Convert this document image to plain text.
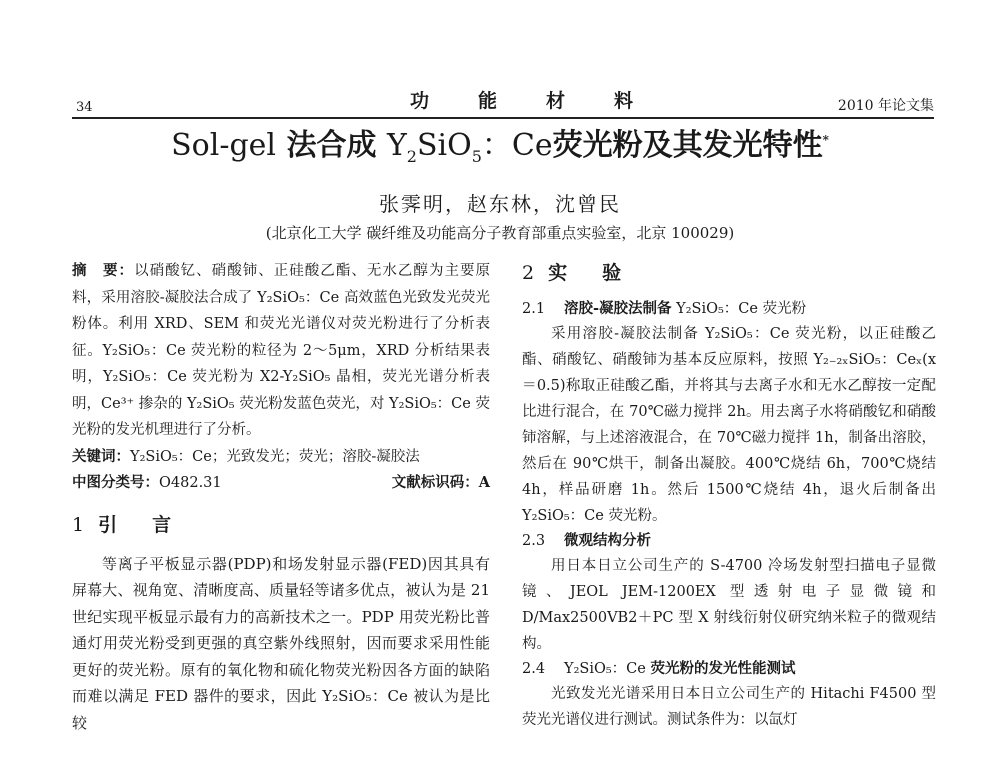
34	功 能 材 料	2010 年论文集
Sol-gel 法合成 $Y_2SiO_5$：Ce荧光粉及其发光特性*
张霁明，赵东林，沈曾民
(北京化工大学 碳纤维及功能高分子教育部重点实验室，北京 100029)

摘　要：以硝酸钇、硝酸铈、正硅酸乙酯、无水乙醇为主要原料，采用溶胶-凝胶法合成了 Y₂SiO₅：Ce 高效蓝色光致发光荧光粉体。利用 XRD、SEM 和荧光光谱仪对荧光粉进行了分析表征。Y₂SiO₅：Ce 荧光粉的粒径为 2～5μm，XRD 分析结果表明，Y₂SiO₅：Ce 荧光粉为 X2-Y₂SiO₅ 晶相，荧光光谱分析表明，Ce³⁺ 掺杂的 Y₂SiO₅ 荧光粉发蓝色荧光，对 Y₂SiO₅：Ce 荧光粉的发光机理进行了分析。

关键词：Y₂SiO₅：Ce；光致发光；荧光；溶胶-凝胶法

中图分类号：O482.31	文献标识码：A

1 引　言

等离子平板显示器(PDP)和场发射显示器(FED)因其具有屏幕大、视角宽、清晰度高、质量轻等诸多优点，被认为是 21 世纪实现平板显示最有力的高新技术之一。PDP 用荧光粉比普通灯用荧光粉受到更强的真空紫外线照射，因而要求采用性能更好的荧光粉。原有的氧化物和硫化物荧光粉因各方面的缺陷而难以满足 FED 器件的要求，因此 Y₂SiO₅：Ce 被认为是比较

2 实　验
2.1 溶胶-凝胶法制备 Y₂SiO₅：Ce 荧光粉

采用溶胶-凝胶法制备 Y₂SiO₅：Ce 荧光粉，以正硅酸乙酯、硝酸钇、硝酸铈为基本反应原料，按照 Y₂₋₂ₓSiO₅：Ceₓ(x＝0.5)称取正硅酸乙酯，并将其与去离子水和无水乙醇按一定配比进行混合，在 70℃磁力搅拌 2h。用去离子水将硝酸钇和硝酸铈溶解，与上述溶液混合，在 70℃磁力搅拌 1h，制备出溶胶，然后在 90℃烘干，制备出凝胶。400℃烧结 6h，700℃烧结 4h，样品研磨 1h。然后 1500℃烧结 4h，退火后制备出 Y₂SiO₅：Ce 荧光粉。

2.3 微观结构分析

用日本日立公司生产的 S-4700 冷场发射型扫描电子显微镜、JEOL JEM-1200EX 型透射电子显微镜和 D/Max2500VB2＋PC 型 X 射线衍射仪研究纳米粒子的微观结构。

2.4 Y₂SiO₅：Ce 荧光粉的发光性能测试

光致发光光谱采用日本日立公司生产的 Hitachi F4500 型荧光光谱仪进行测试。测试条件为：以氙灯
